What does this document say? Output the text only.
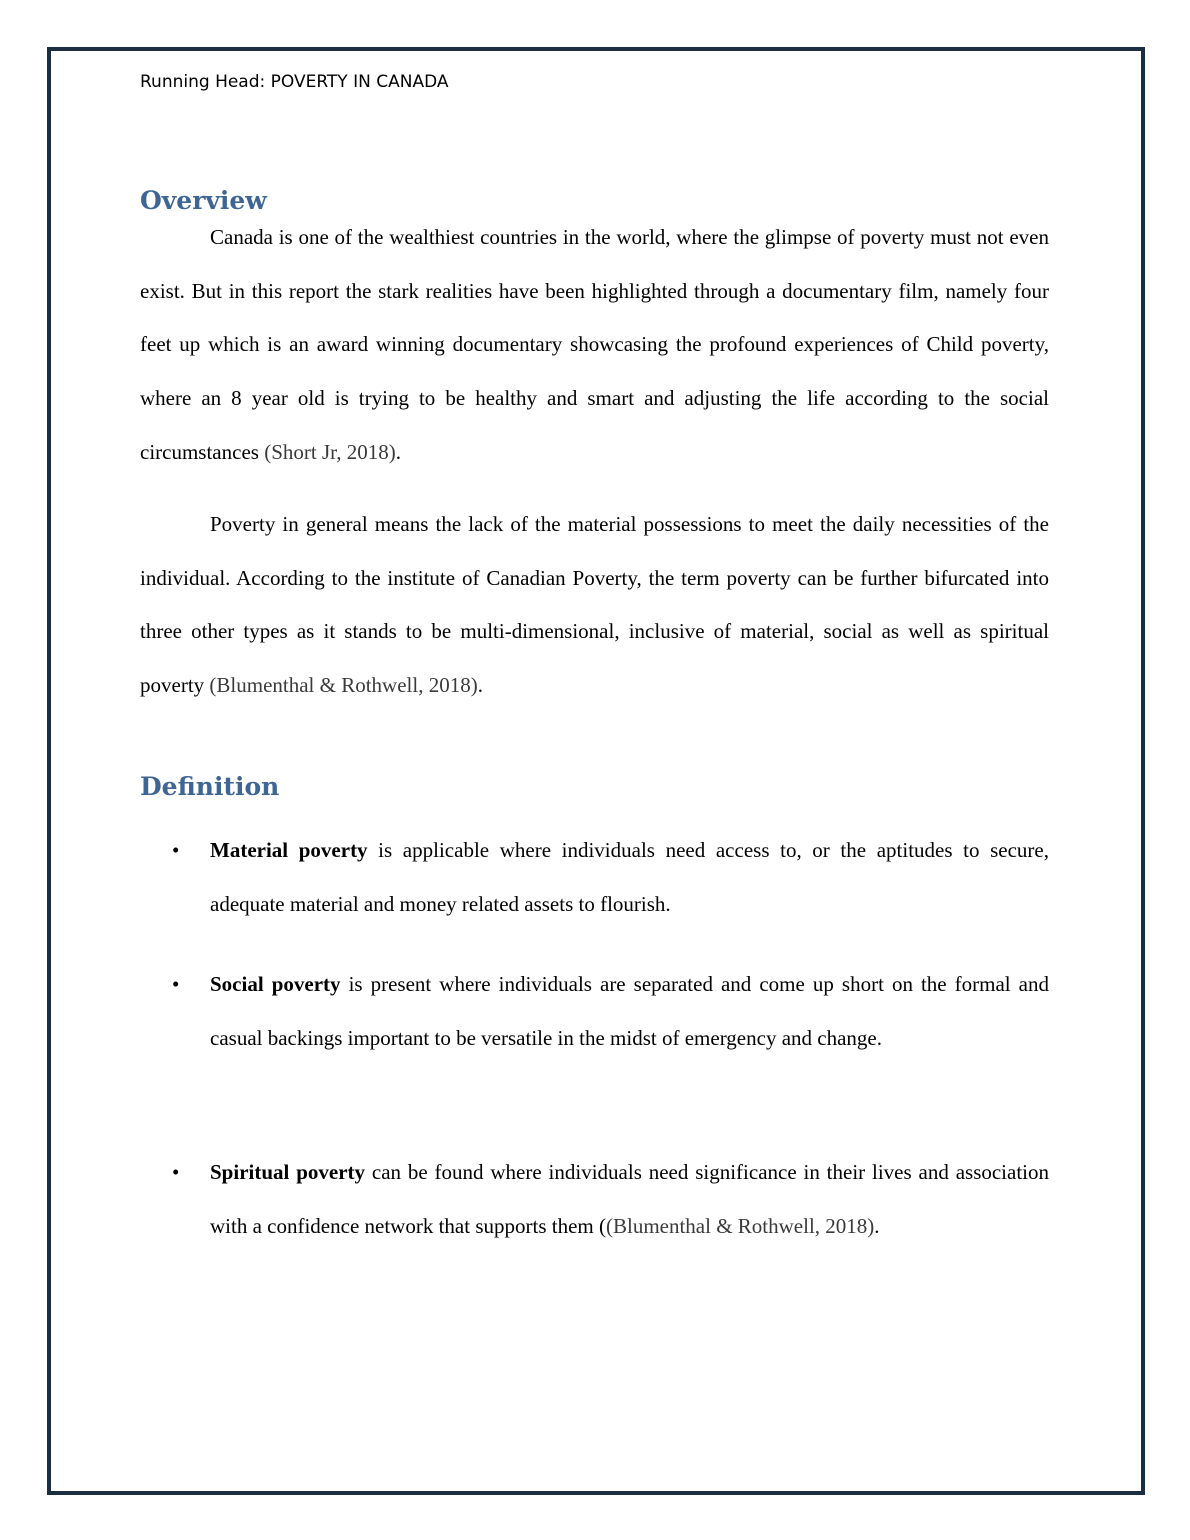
Running Head: POVERTY IN CANADA
Overview

Canada is one of the wealthiest countries in the world, where the glimpse of poverty must not even exist. But in this report the stark realities have been highlighted through a documentary film, namely four feet up which is an award winning documentary showcasing the profound experiences of Child poverty, where an 8 year old is trying to be healthy and smart and adjusting the life according to the social circumstances (Short Jr, 2018).

Poverty in general means the lack of the material possessions to meet the daily necessities of the individual. According to the institute of Canadian Poverty, the term poverty can be further bifurcated into three other types as it stands to be multi-dimensional, inclusive of material, social as well as spiritual poverty (Blumenthal & Rothwell, 2018).

Definition
• Material poverty is applicable where individuals need access to, or the aptitudes to secure, adequate material and money related assets to flourish.

• Social poverty is present where individuals are separated and come up short on the formal and casual backings important to be versatile in the midst of emergency and change.

• Spiritual poverty can be found where individuals need significance in their lives and association with a confidence network that supports them ((Blumenthal & Rothwell, 2018).
